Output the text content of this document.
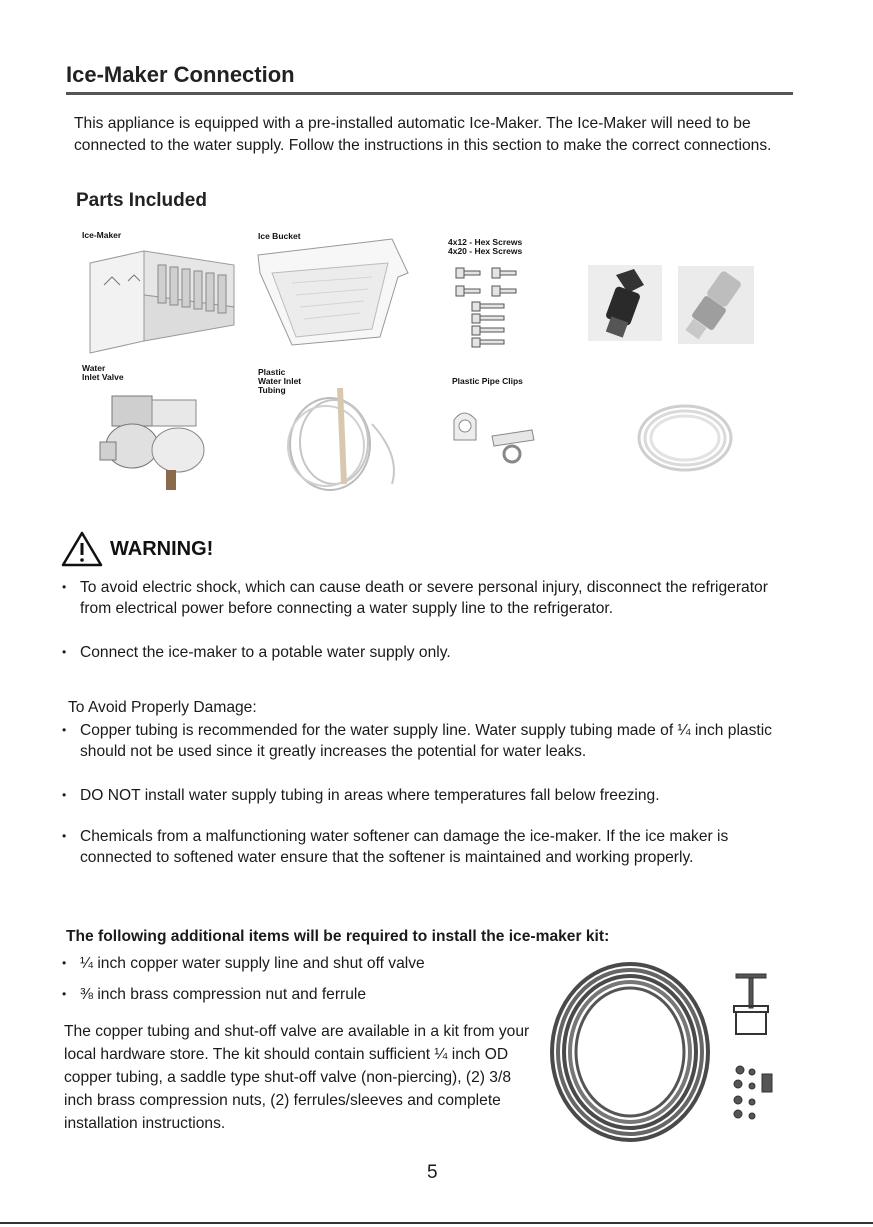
Ice-Maker Connection
This appliance is equipped with a pre-installed automatic Ice-Maker. The Ice-Maker will need to be connected to the water supply. Follow the instructions in this section to make the correct connections.
Parts Included
Ice-Maker	Ice Bucket
4x12 - Hex Screws
4x20 - Hex Screws
Water
Inlet Valve	Plastic
Water Inlet
Tubing
Plastic Pipe Clips
WARNING!
• To avoid electric shock, which can cause death or severe personal injury, disconnect the refrigerator from electrical power before connecting a water supply line to the refrigerator.
• Connect the ice-maker to a potable water supply only.
To Avoid Properly Damage:
• Copper tubing is recommended for the water supply line. Water supply tubing made of ¼ inch plastic should not be used since it greatly increases the potential for water leaks.
• DO NOT install water supply tubing in areas where temperatures fall below freezing.
• Chemicals from a malfunctioning water softener can damage the ice-maker. If the ice maker is connected to softened water ensure that the softener is maintained and working properly.
The following additional items will be required to install the ice-maker kit:
• ¼ inch copper water supply line and shut off valve
• ⅜ inch brass compression nut and ferrule
The copper tubing and shut-off valve are available in a kit from your local hardware store. The kit should contain sufficient ¼ inch OD copper tubing, a saddle type shut-off valve (non-piercing), (2) 3/8 inch brass compression nuts, (2) ferrules/sleeves and complete installation instructions.
5
